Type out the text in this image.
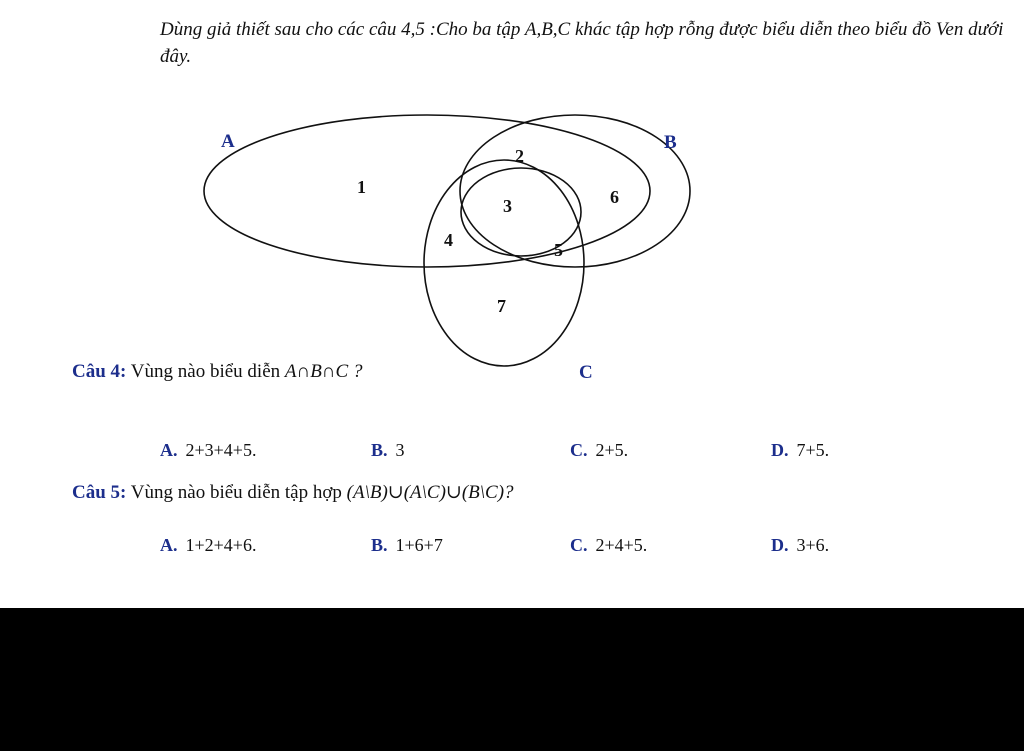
Dùng giả thiết sau cho các câu 4,5 :Cho ba tập A,B,C khác tập hợp rỗng được biểu diễn theo biểu đồ Ven dưới đây.
A	B
C
1
2
3
4	5
6
7
Câu 4: Vùng nào biểu diễn A∩B∩C ?
A. 2+3+4+5.	B. 3	C. 2+5.	D. 7+5.
Câu 5: Vùng nào biểu diễn tập hợp (A\B)∪(A\C)∪(B\C)?
A. 1+2+4+6.	B. 1+6+7	C. 2+4+5.	D. 3+6.
